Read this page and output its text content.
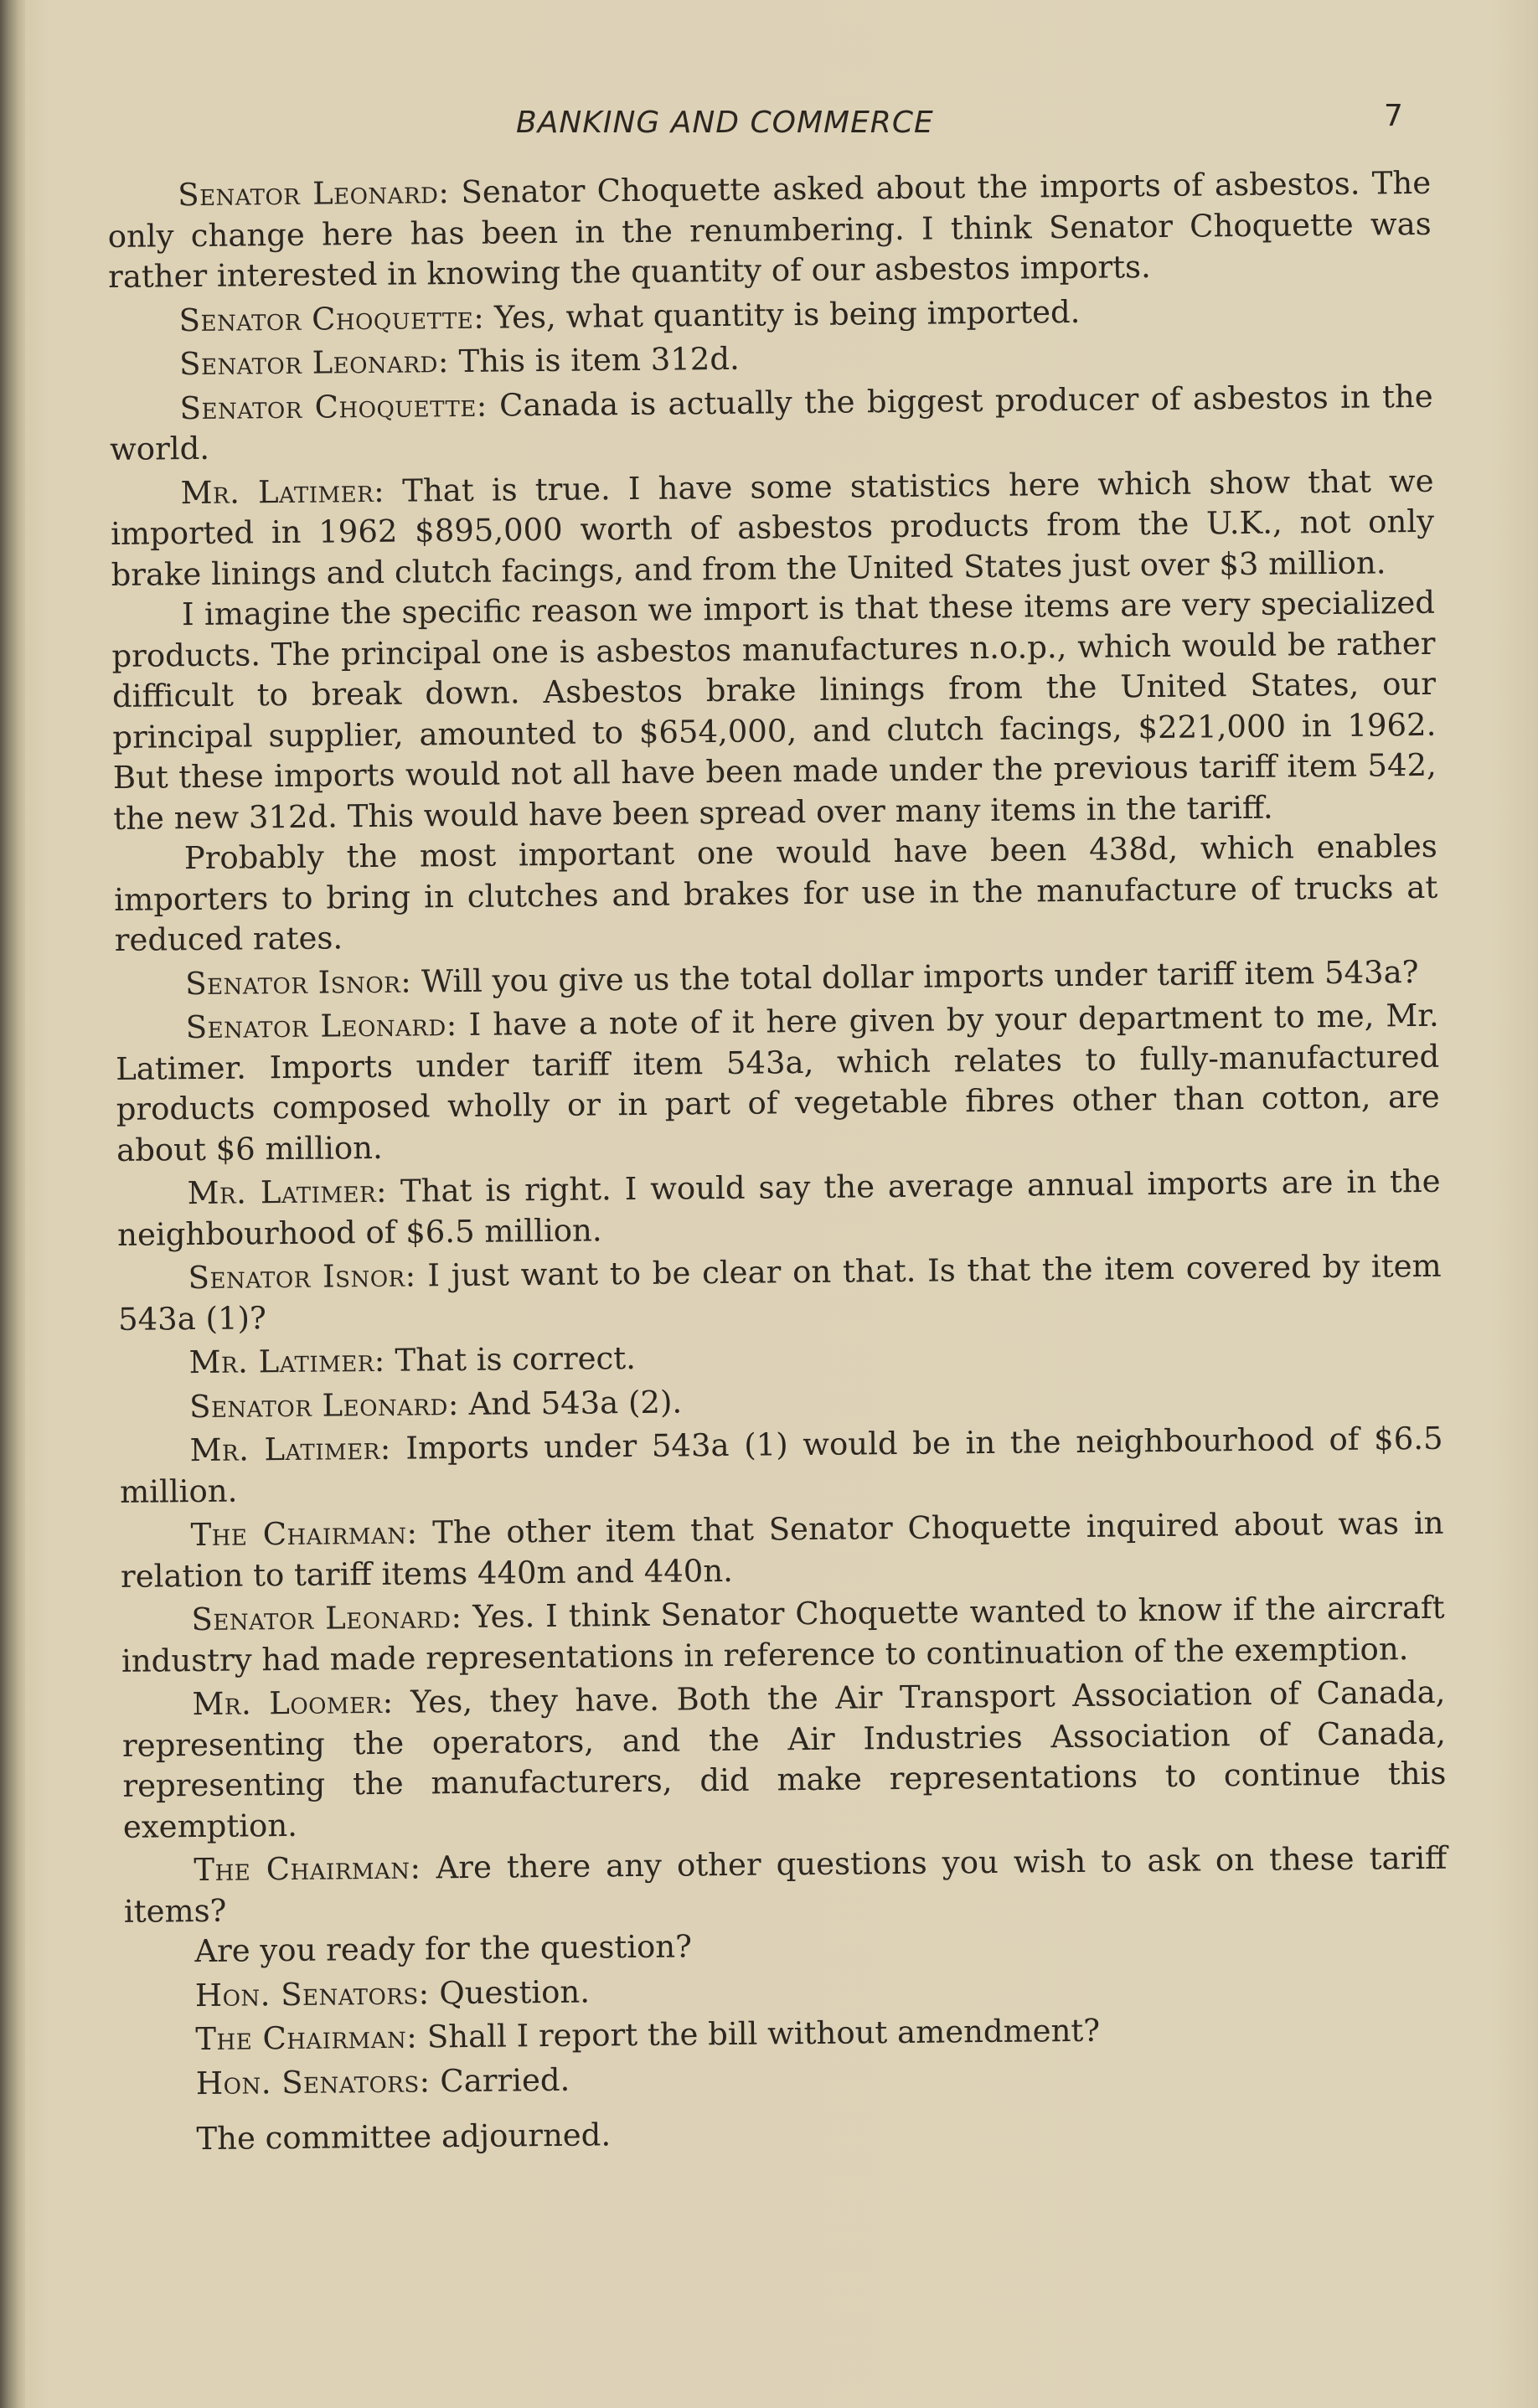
BANKING AND COMMERCE	7

Senator Leonard: Senator Choquette asked about the imports of asbestos. The only change here has been in the renumbering. I think Senator Choquette was rather interested in knowing the quantity of our asbestos imports.

Senator Choquette: Yes, what quantity is being imported.

Senator Leonard: This is item 312d.

Senator Choquette: Canada is actually the biggest producer of asbestos in the world.

Mr. Latimer: That is true. I have some statistics here which show that we imported in 1962 $895,000 worth of asbestos products from the U.K., not only brake linings and clutch facings, and from the United States just over $3 million.

I imagine the specific reason we import is that these items are very specialized products. The principal one is asbestos manufactures n.o.p., which would be rather difficult to break down. Asbestos brake linings from the United States, our principal supplier, amounted to $654,000, and clutch facings, $221,000 in 1962. But these imports would not all have been made under the previous tariff item 542, the new 312d. This would have been spread over many items in the tariff.

Probably the most important one would have been 438d, which enables importers to bring in clutches and brakes for use in the manufacture of trucks at reduced rates.

Senator Isnor: Will you give us the total dollar imports under tariff item 543a?

Senator Leonard: I have a note of it here given by your department to me, Mr. Latimer. Imports under tariff item 543a, which relates to fully-manufactured products composed wholly or in part of vegetable fibres other than cotton, are about $6 million.

Mr. Latimer: That is right. I would say the average annual imports are in the neighbourhood of $6.5 million.

Senator Isnor: I just want to be clear on that. Is that the item covered by item 543a (1)?

Mr. Latimer: That is correct.

Senator Leonard: And 543a (2).

Mr. Latimer: Imports under 543a (1) would be in the neighbourhood of $6.5 million.

The Chairman: The other item that Senator Choquette inquired about was in relation to tariff items 440m and 440n.

Senator Leonard: Yes. I think Senator Choquette wanted to know if the aircraft industry had made representations in reference to continuation of the exemption.

Mr. Loomer: Yes, they have. Both the Air Transport Association of Canada, representing the operators, and the Air Industries Association of Canada, representing the manufacturers, did make representations to continue this exemption.

The Chairman: Are there any other questions you wish to ask on these tariff items?

Are you ready for the question?

Hon. Senators: Question.

The Chairman: Shall I report the bill without amendment?

Hon. Senators: Carried.

The committee adjourned.
